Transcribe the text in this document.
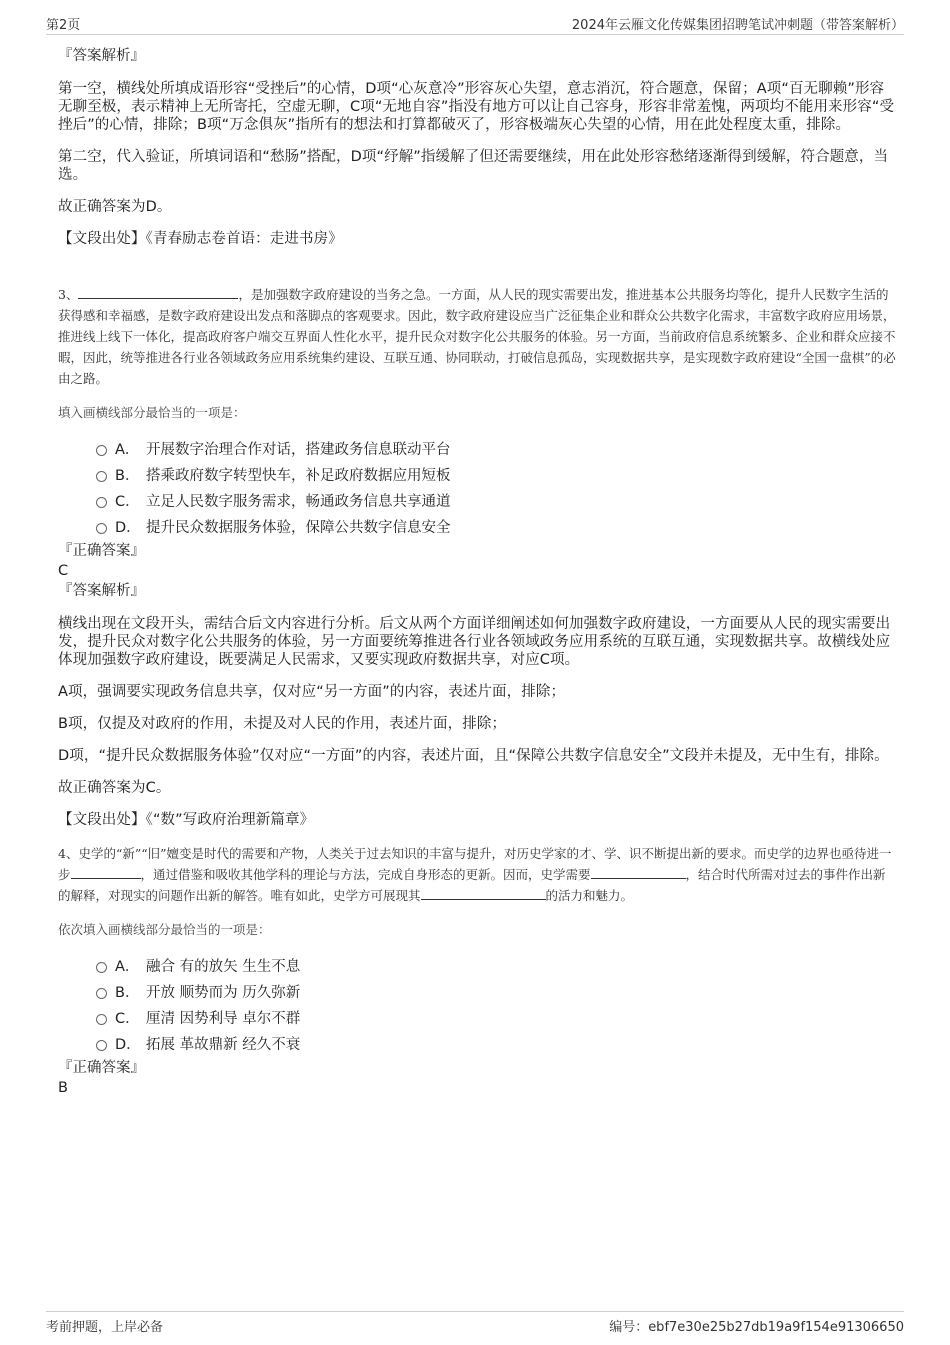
第2页	2024年云雁文化传媒集团招聘笔试冲刺题（带答案解析）

『答案解析』

第一空，横线处所填成语形容“受挫后”的心情，D项“心灰意冷”形容灰心失望，意志消沉，符合题意，保留；A项“百无聊赖”形容无聊至极，表示精神上无所寄托，空虚无聊，C项“无地自容”指没有地方可以让自己容身，形容非常羞愧，两项均不能用来形容“受挫后”的心情，排除；B项“万念俱灰”指所有的想法和打算都破灭了，形容极端灰心失望的心情，用在此处程度太重，排除。

第二空，代入验证，所填词语和“愁肠”搭配，D项“纾解”指缓解了但还需要继续，用在此处形容愁绪逐渐得到缓解，符合题意，当选。

故正确答案为D。

【文段出处】《青春励志卷首语：走进书房》

3、	，是加强数字政府建设的当务之急。一方面，从人民的现实需要出发，推进基本公共服务均等化，提升人民数字生活的获得感和幸福感，是数字政府建设出发点和落脚点的客观要求。因此，数字政府建设应当广泛征集企业和群众公共数字化需求，丰富数字政府应用场景，推进线上线下一体化，提高政府客户端交互界面人性化水平，提升民众对数字化公共服务的体验。另一方面，当前政府信息系统繁多、企业和群众应接不暇，因此，统等推进各行业各领域政务应用系统集约建设、互联互通、协同联动，打破信息孤岛，实现数据共享，是实现数字政府建设“全国一盘棋”的必由之路。

填入画横线部分最恰当的一项是：

A． 开展数字治理合作对话，搭建政务信息联动平台
B． 搭乘政府数字转型快车，补足政府数据应用短板
C． 立足人民数字服务需求，畅通政务信息共享通道
D． 提升民众数据服务体验，保障公共数字信息安全

『正确答案』

C

『答案解析』

横线出现在文段开头，需结合后文内容进行分析。后文从两个方面详细阐述如何加强数字政府建设，一方面要从人民的现实需要出发，提升民众对数字化公共服务的体验，另一方面要统筹推进各行业各领域政务应用系统的互联互通，实现数据共享。故横线处应体现加强数字政府建设，既要满足人民需求，又要实现政府数据共享，对应C项。

A项，强调要实现政务信息共享，仅对应“另一方面”的内容，表述片面，排除；

B项，仅提及对政府的作用，未提及对人民的作用，表述片面，排除；

D项，“提升民众数据服务体验”仅对应“一方面”的内容，表述片面，且“保障公共数字信息安全”文段并未提及，无中生有，排除。

故正确答案为C。

【文段出处】《“数”写政府治理新篇章》

4、史学的“新”“旧”嬗变是时代的需要和产物，人类关于过去知识的丰富与提升，对历史学家的才、学、识不断提出新的要求。而史学的边界也亟待进一步	，通过借鉴和吸收其他学科的理论与方法，完成自身形态的更新。因而，史学需要	，结合时代所需对过去的事件作出新的解释，对现实的问题作出新的解答。唯有如此，史学方可展现其	的活力和魅力。

依次填入画横线部分最恰当的一项是：

A． 融合 有的放矢 生生不息
B． 开放 顺势而为 历久弥新
C． 厘清 因势利导 卓尔不群
D． 拓展 革故鼎新 经久不衰

『正确答案』

B

考前押题，上岸必备	编号：ebf7e30e25b27db19a9f154e91306650
